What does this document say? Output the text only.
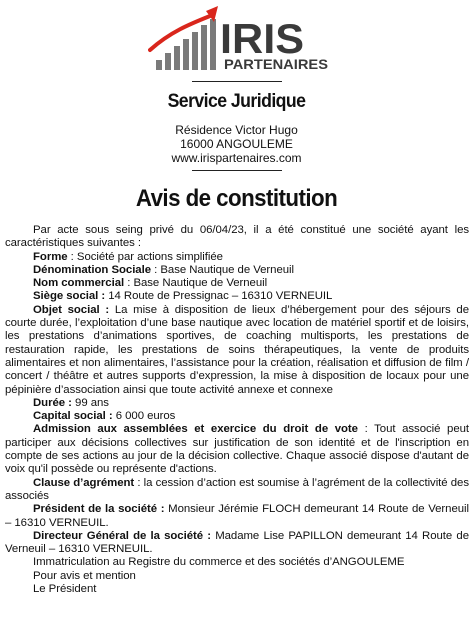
IRIS
PARTENAIRES
Service Juridique
Résidence Victor Hugo
16000 ANGOULEME
www.irispartenaires.com
Avis de constitution

Par acte sous seing privé du 06/04/23, il a été constitué une société ayant les caractéristiques suivantes :

Forme : Société par actions simplifiée

Dénomination Sociale : Base Nautique de Verneuil

Nom commercial : Base Nautique de Verneuil

Siège social : 14 Route de Pressignac – 16310 VERNEUIL

Objet social : La mise à disposition de lieux d’hébergement pour des séjours de courte durée, l’exploitation d’une base nautique avec location de matériel sportif et de loisirs, les prestations d’animations sportives, de coaching multisports, les prestations de restauration rapide, les prestations de soins thérapeutiques, la vente de produits alimentaires et non alimentaires, l’assistance pour la création, réalisation et diffusion de film / concert / théâtre et autres supports d’expression, la mise à disposition de locaux pour une pépinière d’association ainsi que toute activité annexe et connexe

Durée : 99 ans

Capital social : 6 000 euros

Admission aux assemblées et exercice du droit de vote : Tout associé peut participer aux décisions collectives sur justification de son identité et de l'inscription en compte de ses actions au jour de la décision collective. Chaque associé dispose d'autant de voix qu'il possède ou représente d'actions.

Clause d’agrément : la cession d’action est soumise à l’agrément de la collectivité des associés

Président de la société : Monsieur Jérémie FLOCH demeurant 14 Route de Verneuil – 16310 VERNEUIL.

Directeur Général de la société : Madame Lise PAPILLON demeurant 14 Route de Verneuil – 16310 VERNEUIL.

Immatriculation au Registre du commerce et des sociétés d’ANGOULEME

Pour avis et mention

Le Président
